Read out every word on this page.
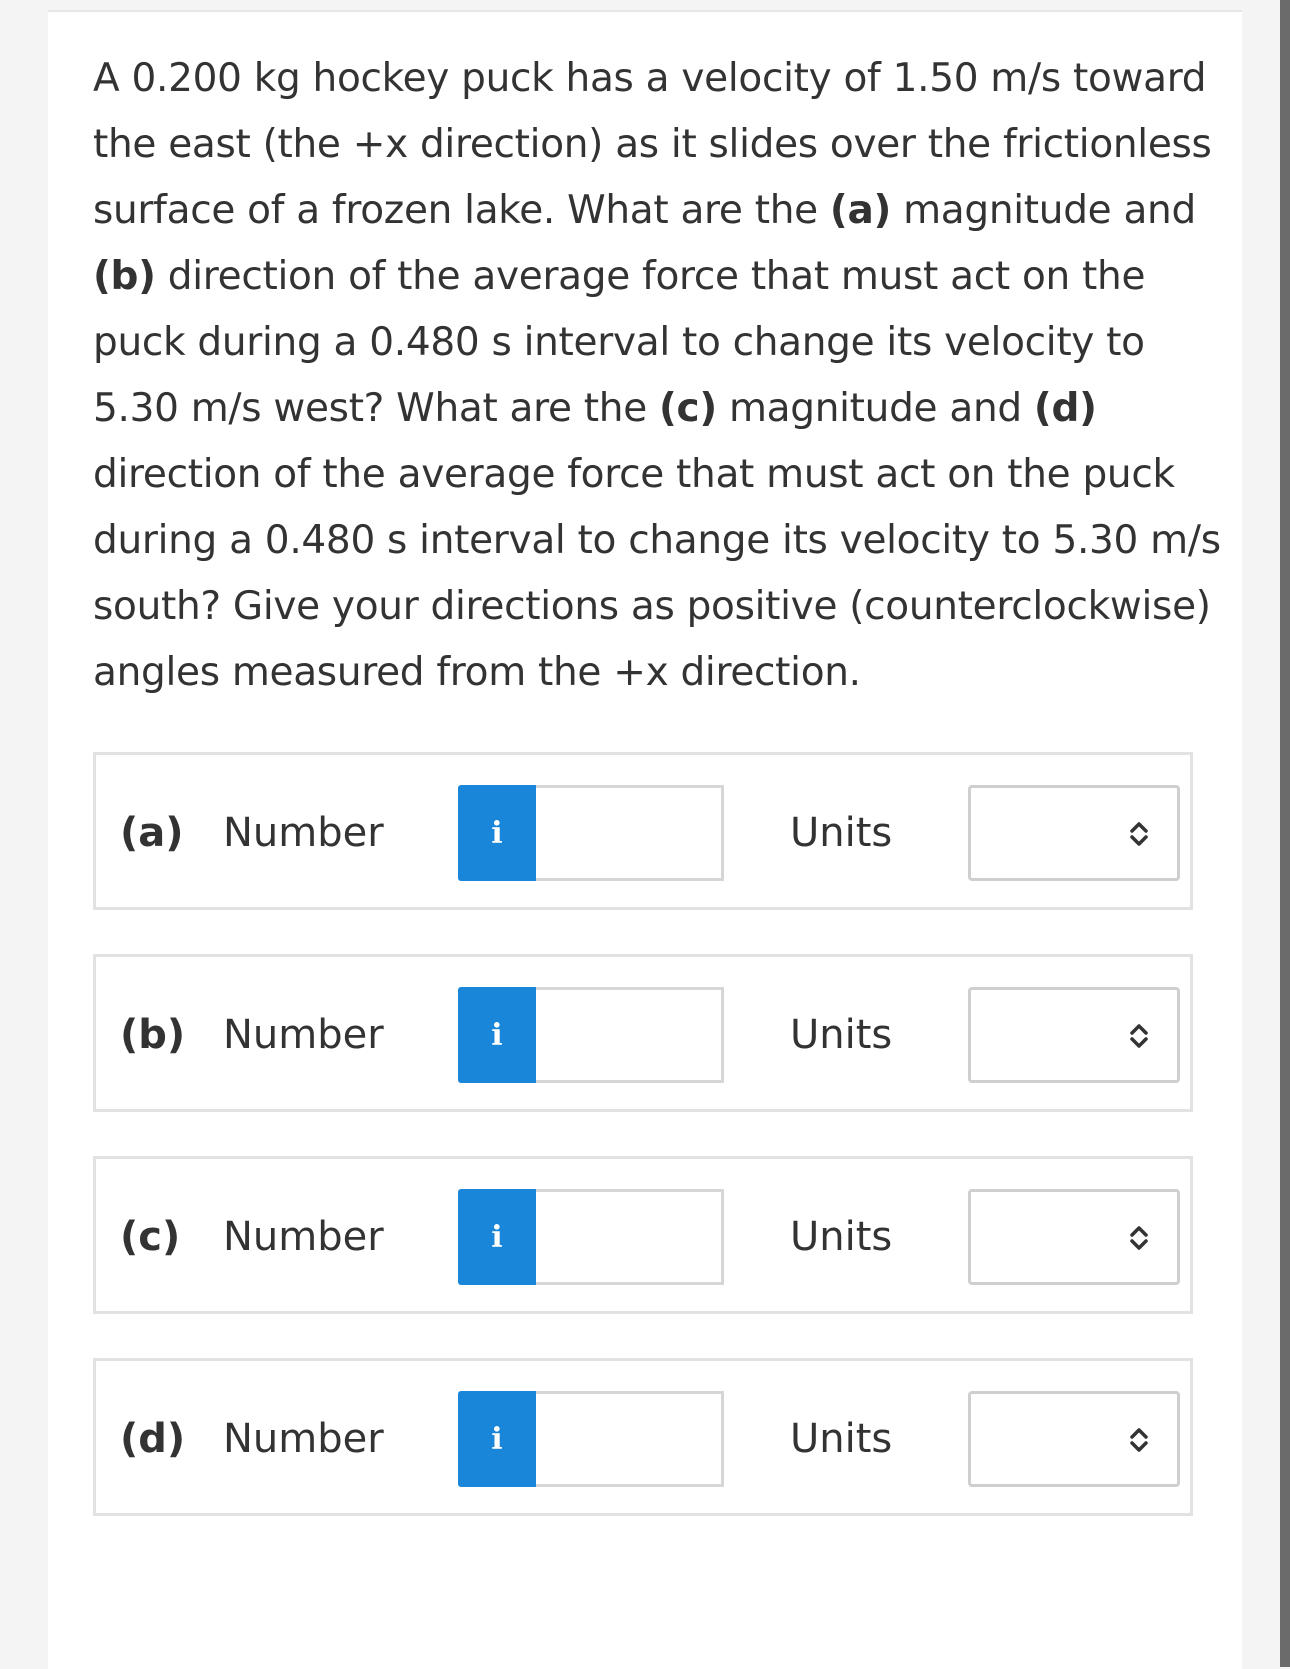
A 0.200 kg hockey puck has a velocity of 1.50 m/s toward the east (the +x direction) as it slides over the frictionless surface of a frozen lake. What are the (a) magnitude and (b) direction of the average force that must act on the puck during a 0.480 s interval to change its velocity to 5.30 m/s west? What are the (c) magnitude and (d) direction of the average force that must act on the puck during a 0.480 s interval to change its velocity to 5.30 m/s south? Give your directions as positive (counterclockwise) angles measured from the +x direction.

(a) Number	i	Units
(b) Number	i	Units
(c) Number	i	Units
(d) Number	i	Units
